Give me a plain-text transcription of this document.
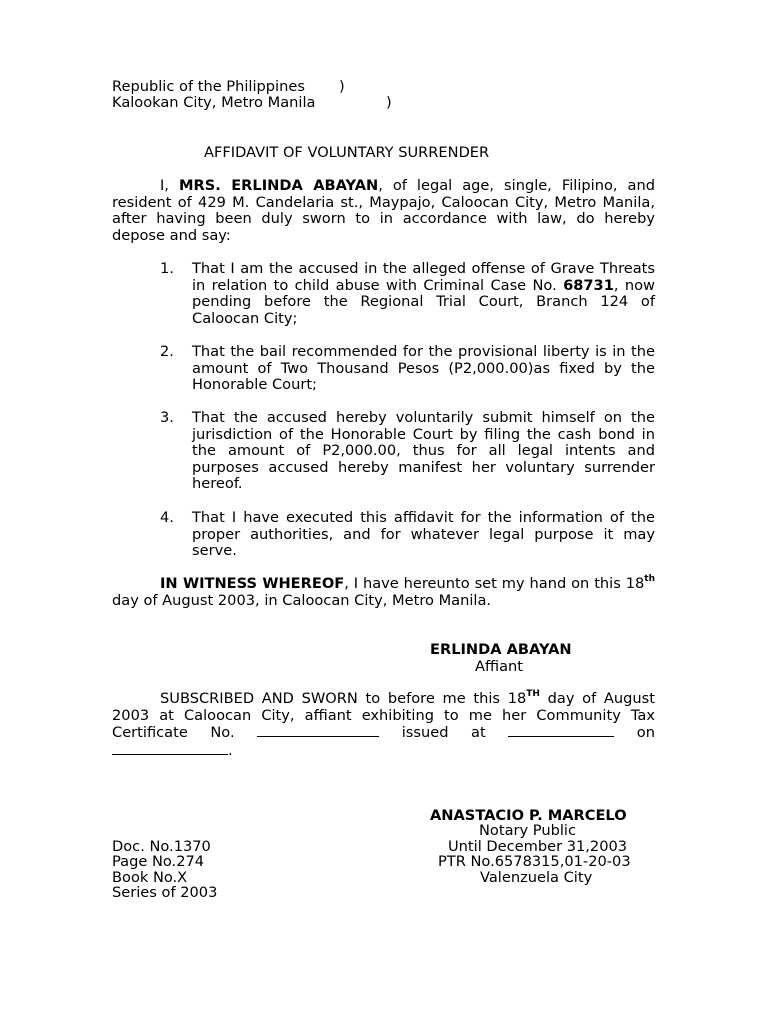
Republic of the Philippines )
Kalookan City, Metro Manila	)
AFFIDAVIT OF VOLUNTARY SURRENDER
I, MRS. ERLINDA ABAYAN, of legal age, single, Filipino, and resident of 429 M. Candelaria st., Maypajo, Caloocan City, Metro Manila, after having been duly sworn to in accordance with law, do hereby depose and say:
1. That I am the accused in the alleged offense of Grave Threats in relation to child abuse with Criminal Case No. 68731, now pending before the Regional Trial Court, Branch 124 of Caloocan City;
2. That the bail recommended for the provisional liberty is in the amount of Two Thousand Pesos (P2,000.00)as fixed by the Honorable Court;
3. That the accused hereby voluntarily submit himself on the jurisdiction of the Honorable Court by filing the cash bond in the amount of P2,000.00, thus for all legal intents and purposes accused hereby manifest her voluntary surrender hereof.
4. That I have executed this affidavit for the information of the proper authorities, and for whatever legal purpose it may serve.
IN WITNESS WHEREOF, I have hereunto set my hand on this 18th day of August 2003, in Caloocan City, Metro Manila.
ERLINDA ABAYAN
Affiant
SUBSCRIBED AND SWORN to before me this 18TH day of August 2003 at Caloocan City, affiant exhibiting to me her Community Tax Certificate No.	issued at	on .
ANASTACIO P. MARCELO
Notary Public
Until December 31,2003
PTR No.6578315,01-20-03
Valenzuela City
Doc. No.1370
Page No.274
Book No.X
Series of 2003
